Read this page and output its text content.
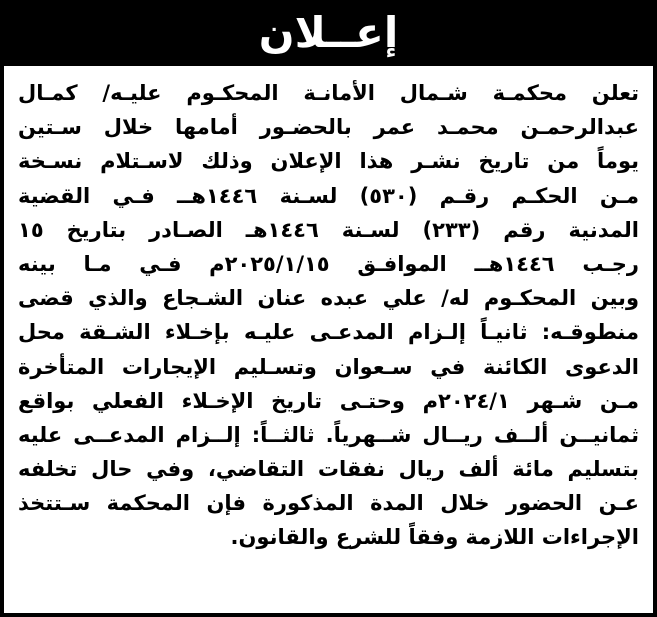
إعــلان
تعلن محكمـة شـمال الأمانـة المحكـوم عليـه/ كمـال
عبدالرحمـن محمـد عمر بالحضـور أمامها خلال سـتين
يوماً من تاريخ نشـر هذا الإعلان وذلك لاسـتلام نسـخة
مـن الحكـم رقـم (٥٣٠) لسـنة ١٤٤٦هــ فـي القضية
المدنية رقم (٢٣٣) لسـنة ١٤٤٦هـ الصـادر بتاريخ ١٥
رجـب ١٤٤٦هــ الموافـق ٢٠٢٥/١/١٥م فـي مـا بينه
وبين المحكـوم له/ علي عبده عنان الشـجاع والذي قضى
منطوقـه: ثانيـاً إلـزام المدعـى عليـه بإخـلاء الشـقة محل
الدعوى الكائنة في سـعوان وتسـليم الإيجارات المتأخرة
مـن شـهر ٢٠٢٤/١م وحتـى تاريخ الإخـلاء الفعلي بواقع
ثمانيــن ألــف ريــال شــهرياً. ثالثــاً: إلــزام المدعــى عليه
بتسليم مائة ألف ريال نفقات التقاضي، وفي حال تخلفه
عـن الحضور خلال المدة المذكورة فإن المحكمة سـتتخذ
الإجراءات اللازمة وفقاً للشرع والقانون.
